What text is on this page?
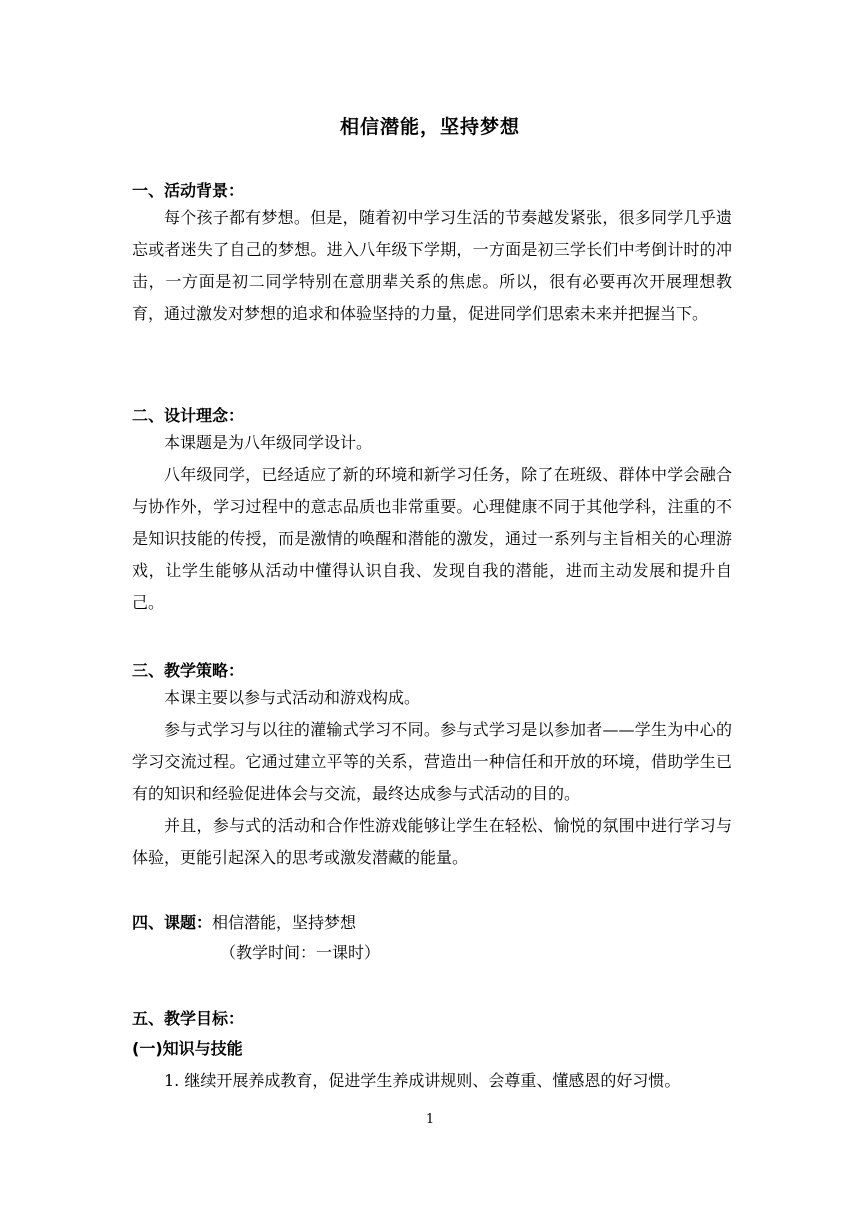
相信潜能，坚持梦想
一、活动背景：
每个孩子都有梦想。但是，随着初中学习生活的节奏越发紧张，很多同学几乎遗忘或者迷失了自己的梦想。进入八年级下学期，一方面是初三学长们中考倒计时的冲击，一方面是初二同学特别在意朋辈关系的焦虑。所以，很有必要再次开展理想教育，通过激发对梦想的追求和体验坚持的力量，促进同学们思索未来并把握当下。
二、设计理念：
本课题是为八年级同学设计。
八年级同学，已经适应了新的环境和新学习任务，除了在班级、群体中学会融合与协作外，学习过程中的意志品质也非常重要。心理健康不同于其他学科，注重的不是知识技能的传授，而是激情的唤醒和潜能的激发，通过一系列与主旨相关的心理游戏，让学生能够从活动中懂得认识自我、发现自我的潜能，进而主动发展和提升自己。
三、教学策略：
本课主要以参与式活动和游戏构成。
参与式学习与以往的灌输式学习不同。参与式学习是以参加者——学生为中心的学习交流过程。它通过建立平等的关系，营造出一种信任和开放的环境，借助学生已有的知识和经验促进体会与交流，最终达成参与式活动的目的。
并且，参与式的活动和合作性游戏能够让学生在轻松、愉悦的氛围中进行学习与体验，更能引起深入的思考或激发潜藏的能量。
四、课题：相信潜能，坚持梦想
（教学时间：一课时）
五、教学目标：
(一)知识与技能
1. 继续开展养成教育，促进学生养成讲规则、会尊重、懂感恩的好习惯。
1
